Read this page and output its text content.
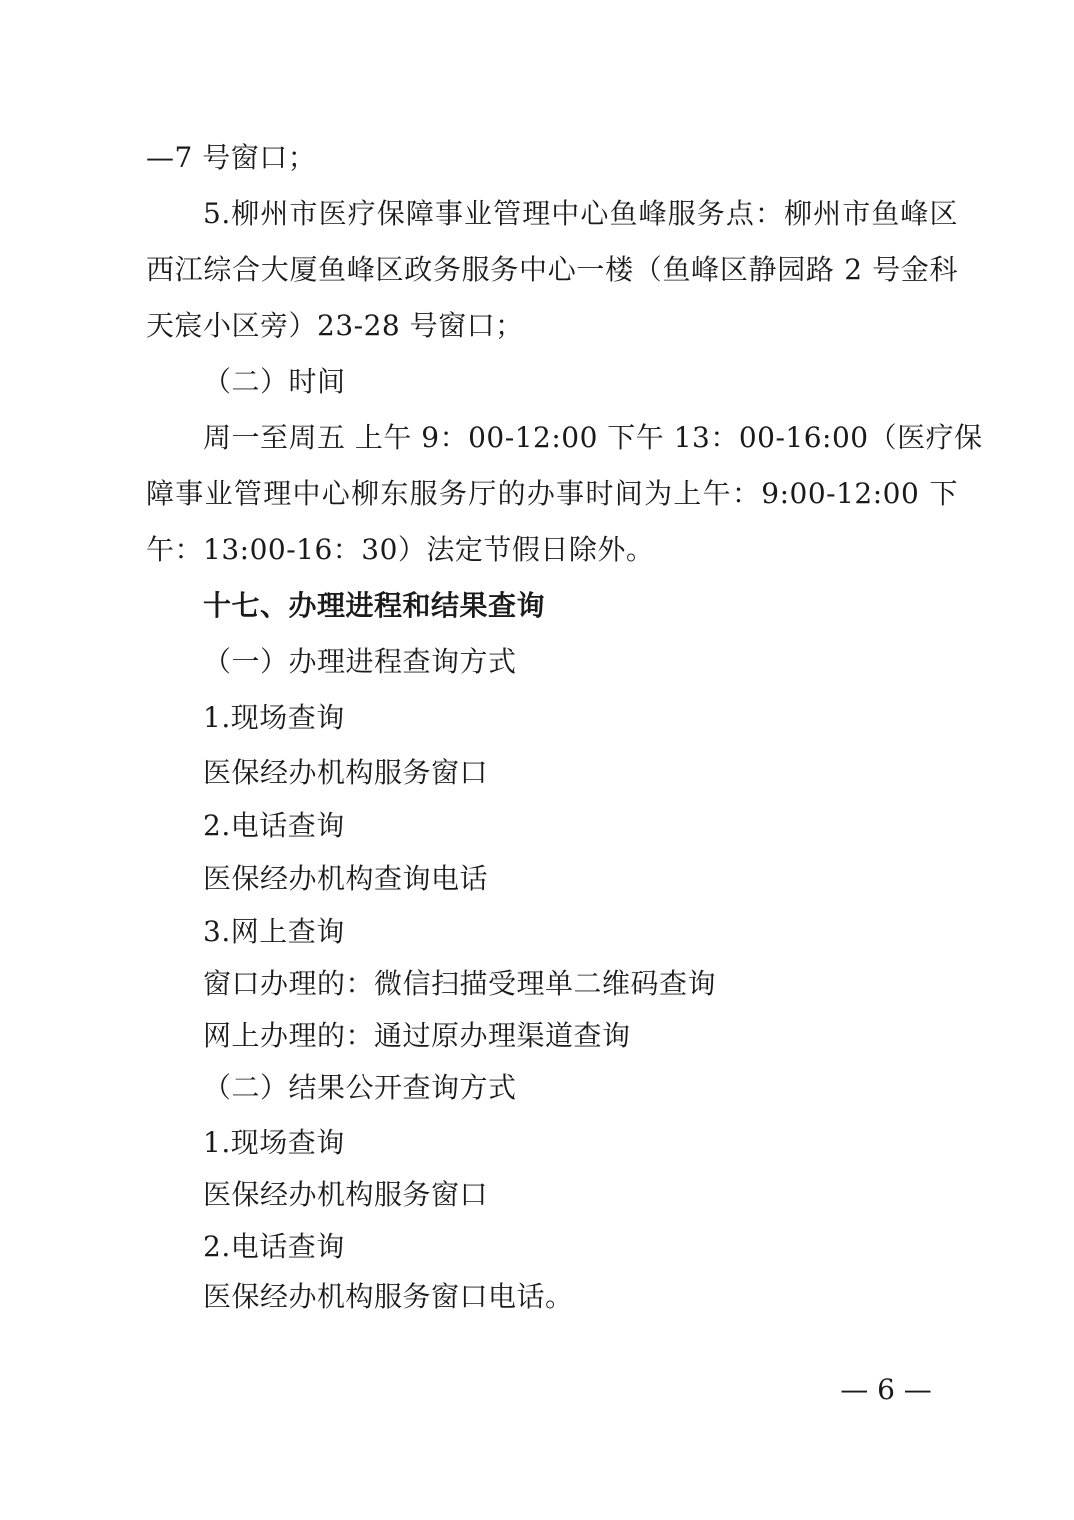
—7 号窗口；
5.柳州市医疗保障事业管理中心鱼峰服务点：柳州市鱼峰区
西江综合大厦鱼峰区政务服务中心一楼（鱼峰区静园路 2 号金科
天宸小区旁）23-28 号窗口；
（二）时间
周一至周五 上午 9：00-12:00 下午 13：00-16:00（医疗保
障事业管理中心柳东服务厅的办事时间为上午：9:00-12:00 下
午：13:00-16：30）法定节假日除外。
十七、办理进程和结果查询
（一）办理进程查询方式
1.现场查询
医保经办机构服务窗口
2.电话查询
医保经办机构查询电话
3.网上查询
窗口办理的：微信扫描受理单二维码查询
网上办理的：通过原办理渠道查询
（二）结果公开查询方式
1.现场查询
医保经办机构服务窗口
2.电话查询
医保经办机构服务窗口电话。
— 6 —
